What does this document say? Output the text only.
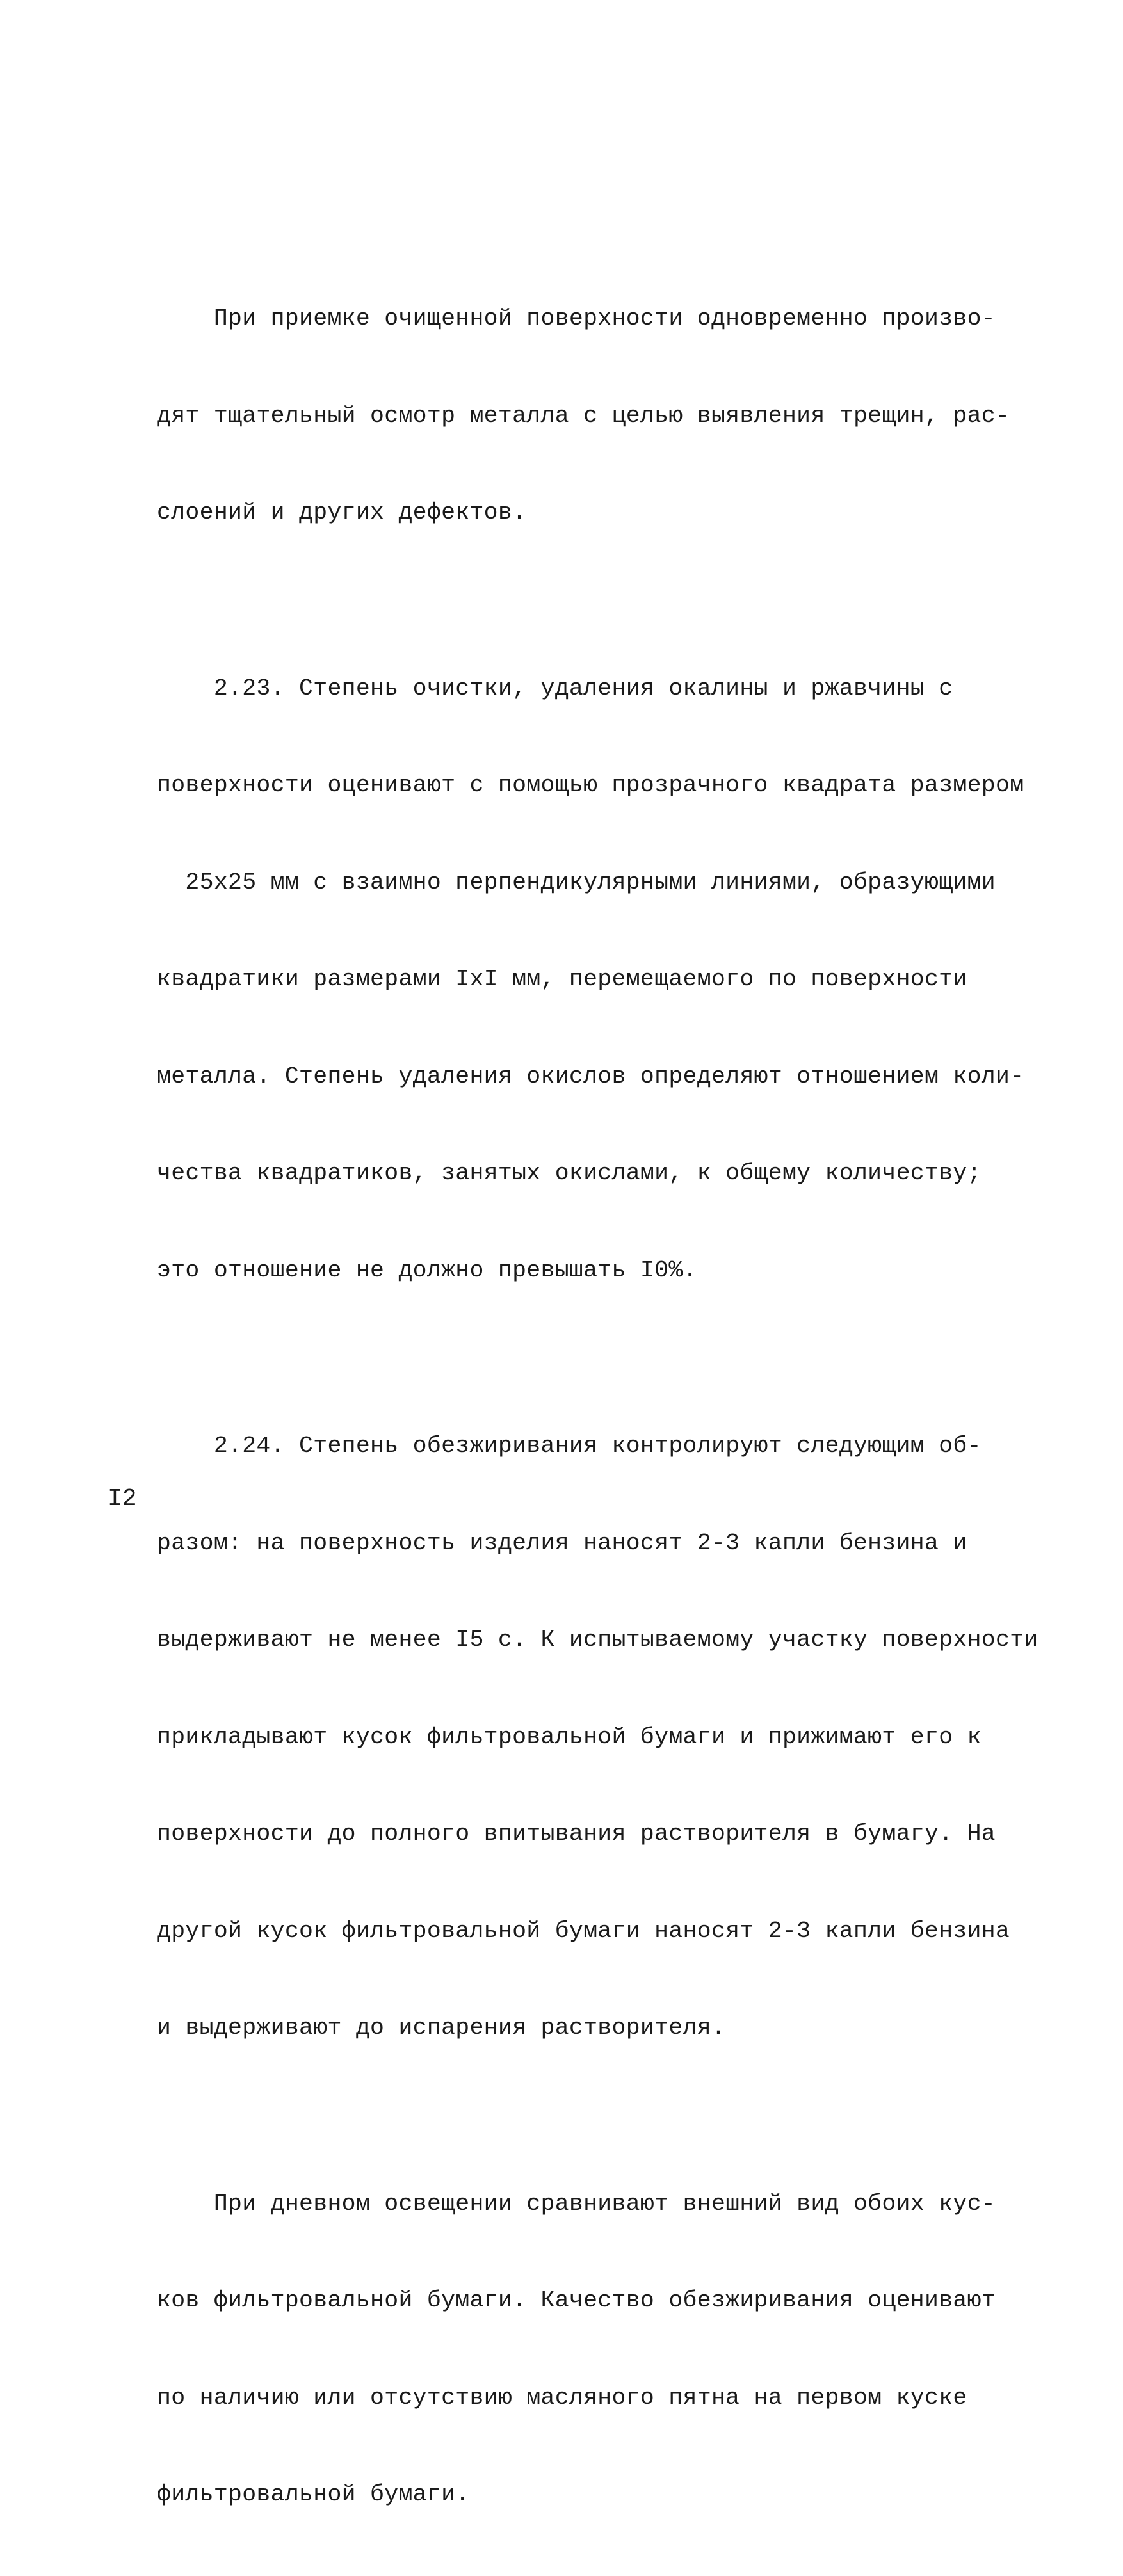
При приемке очищенной поверхности одновременно произво-

дят тщательный осмотр металла с целью выявления трещин, рас-

слоений и других дефектов.

2.23. Степень очистки, удаления окалины и ржавчины с

поверхности оценивают с помощью прозрачного квадрата размером

25х25 мм с взаимно перпендикулярными линиями, образующими

квадратики размерами IxI мм, перемещаемого по поверхности

металла. Степень удаления окислов определяют отношением коли-

чества квадратиков, занятых окислами, к общему количеству;

это отношение не должно превышать I0%.

2.24. Степень обезжиривания контролируют следующим об-

разом: на поверхность изделия наносят 2-3 капли бензина и

выдерживают не менее I5 с. К испытываемому участку поверхности

прикладывают кусок фильтровальной бумаги и прижимают его к

поверхности до полного впитывания растворителя в бумагу. На

другой кусок фильтровальной бумаги наносят 2-3 капли бензина

и выдерживают до испарения растворителя.

При дневном освещении сравнивают внешний вид обоих кус-

ков фильтровальной бумаги. Качество обезжиривания оценивают

по наличию или отсутствию масляного пятна на первом куске

фильтровальной бумаги.

I2
